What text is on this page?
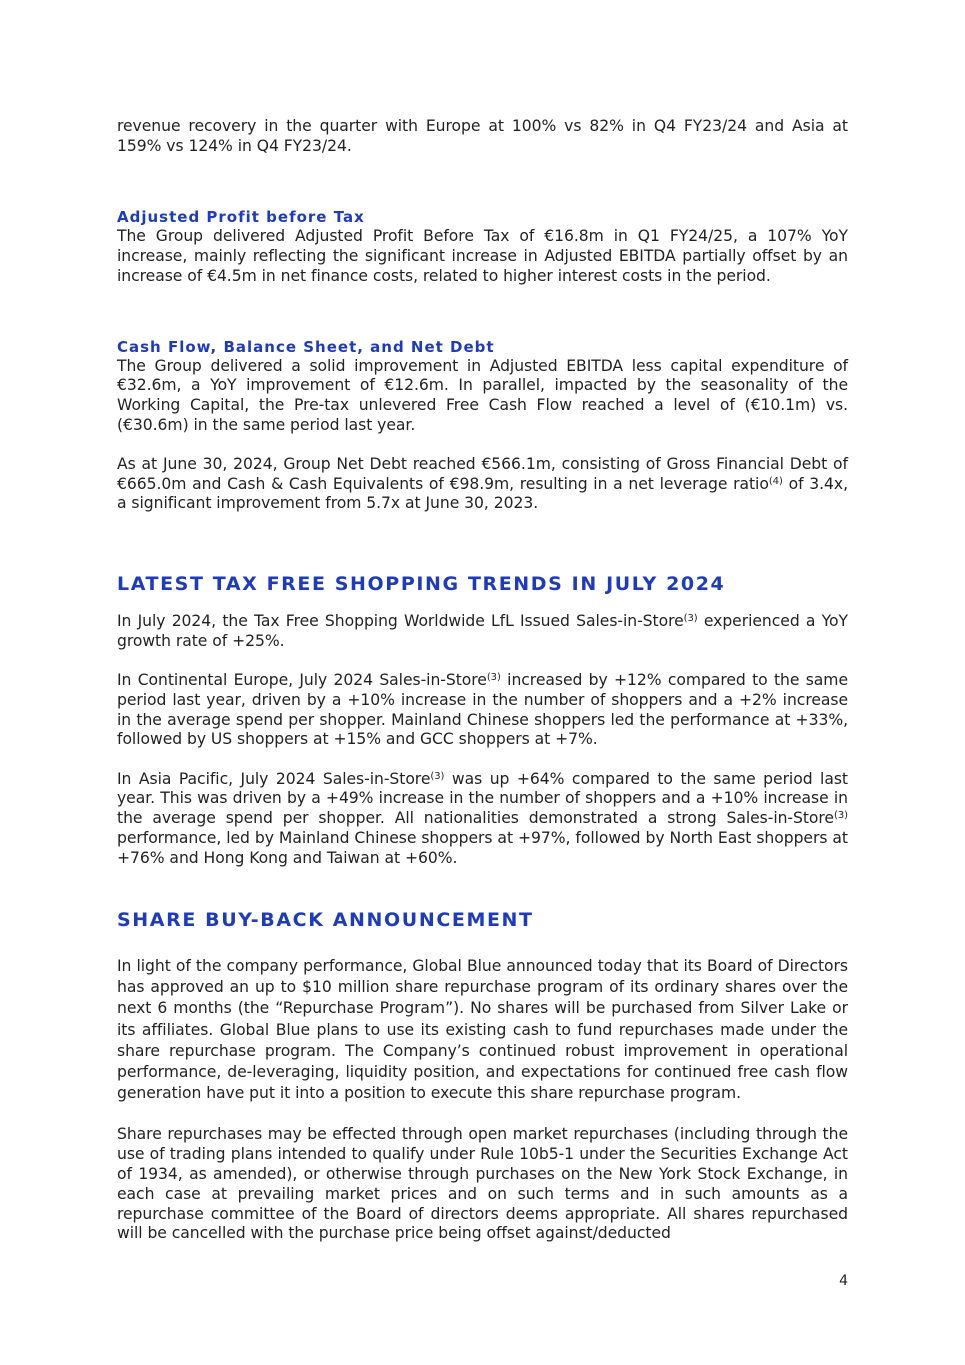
revenue recovery in the quarter with Europe at 100% vs 82% in Q4 FY23/24 and Asia at 159% vs 124% in Q4 FY23/24.

Adjusted Profit before Tax

The Group delivered Adjusted Profit Before Tax of €16.8m in Q1 FY24/25, a 107% YoY increase, mainly reflecting the significant increase in Adjusted EBITDA partially offset by an increase of €4.5m in net finance costs, related to higher interest costs in the period.

Cash Flow, Balance Sheet, and Net Debt

The Group delivered a solid improvement in Adjusted EBITDA less capital expenditure of €32.6m, a YoY improvement of €12.6m. In parallel, impacted by the seasonality of the Working Capital, the Pre-tax unlevered Free Cash Flow reached a level of (€10.1m) vs. (€30.6m) in the same period last year.

As at June 30, 2024, Group Net Debt reached €566.1m, consisting of Gross Financial Debt of €665.0m and Cash & Cash Equivalents of €98.9m, resulting in a net leverage ratio$^{(4)}$ of 3.4x, a significant improvement from 5.7x at June 30, 2023.

LATEST TAX FREE SHOPPING TRENDS IN JULY 2024

In July 2024, the Tax Free Shopping Worldwide LfL Issued Sales-in-Store$^{(3)}$ experienced a YoY growth rate of +25%.

In Continental Europe, July 2024 Sales-in-Store$^{(3)}$ increased by +12% compared to the same period last year, driven by a +10% increase in the number of shoppers and a +2% increase in the average spend per shopper. Mainland Chinese shoppers led the performance at +33%, followed by US shoppers at +15% and GCC shoppers at +7%.

In Asia Pacific, July 2024 Sales-in-Store$^{(3)}$ was up +64% compared to the same period last year. This was driven by a +49% increase in the number of shoppers and a +10% increase in the average spend per shopper. All nationalities demonstrated a strong Sales-in-Store$^{(3)}$ performance, led by Mainland Chinese shoppers at +97%, followed by North East shoppers at +76% and Hong Kong and Taiwan at +60%.

SHARE BUY-BACK ANNOUNCEMENT

In light of the company performance, Global Blue announced today that its Board of Directors has approved an up to $10 million share repurchase program of its ordinary shares over the next 6 months (the “Repurchase Program”). No shares will be purchased from Silver Lake or its affiliates. Global Blue plans to use its existing cash to fund repurchases made under the share repurchase program. The Company’s continued robust improvement in operational performance, de-leveraging, liquidity position, and expectations for continued free cash flow generation have put it into a position to execute this share repurchase program.

Share repurchases may be effected through open market repurchases (including through the use of trading plans intended to qualify under Rule 10b5-1 under the Securities Exchange Act of 1934, as amended), or otherwise through purchases on the New York Stock Exchange, in each case at prevailing market prices and on such terms and in such amounts as a repurchase committee of the Board of directors deems appropriate. All shares repurchased will be cancelled with the purchase price being offset against/deducted

4
